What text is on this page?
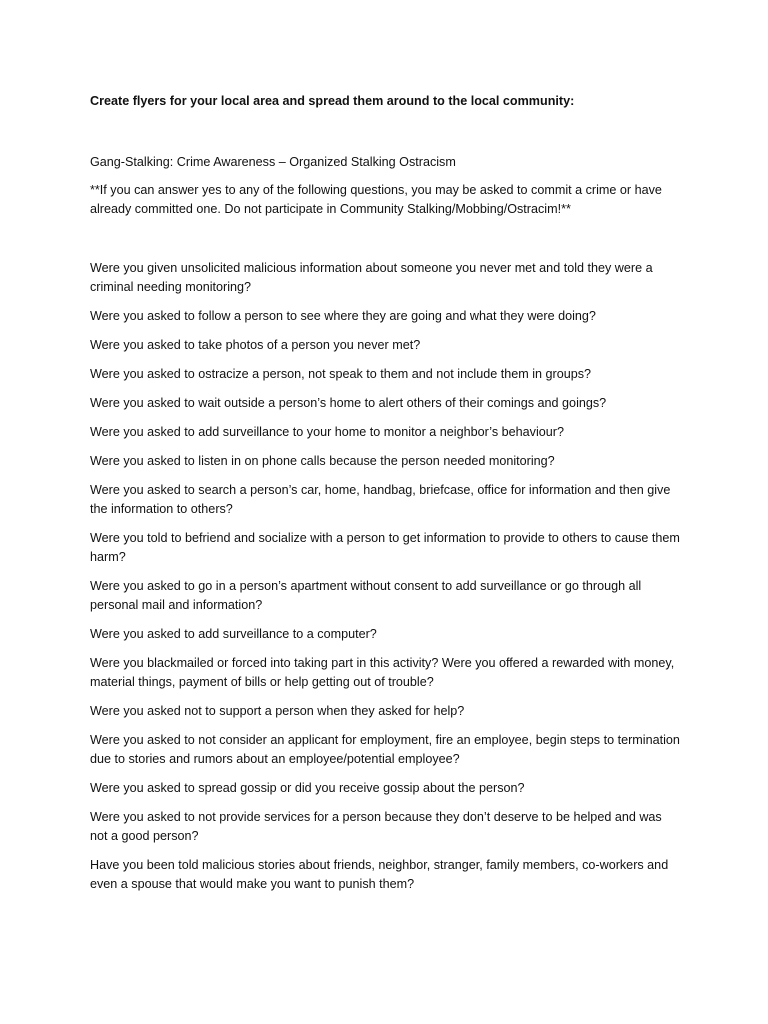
Create flyers for your local area and spread them around to the local community:

Gang-Stalking: Crime Awareness – Organized Stalking Ostracism

**If you can answer yes to any of the following questions, you may be asked to commit a crime or have already committed one. Do not participate in Community Stalking/Mobbing/Ostracim!**

Were you given unsolicited malicious information about someone you never met and told they were a criminal needing monitoring?
Were you asked to follow a person to see where they are going and what they were doing?
Were you asked to take photos of a person you never met?
Were you asked to ostracize a person, not speak to them and not include them in groups?
Were you asked to wait outside a person’s home to alert others of their comings and goings?
Were you asked to add surveillance to your home to monitor a neighbor’s behaviour?
Were you asked to listen in on phone calls because the person needed monitoring?
Were you asked to search a person’s car, home, handbag, briefcase, office for information and then give the information to others?
Were you told to befriend and socialize with a person to get information to provide to others to cause them harm?
Were you asked to go in a person’s apartment without consent to add surveillance or go through all personal mail and information?
Were you asked to add surveillance to a computer?
Were you blackmailed or forced into taking part in this activity? Were you offered a rewarded with money, material things, payment of bills or help getting out of trouble?
Were you asked not to support a person when they asked for help?
Were you asked to not consider an applicant for employment, fire an employee, begin steps to termination due to stories and rumors about an employee/potential employee?
Were you asked to spread gossip or did you receive gossip about the person?
Were you asked to not provide services for a person because they don’t deserve to be helped and was not a good person?
Have you been told malicious stories about friends, neighbor, stranger, family members, co-workers and even a spouse that would make you want to punish them?
